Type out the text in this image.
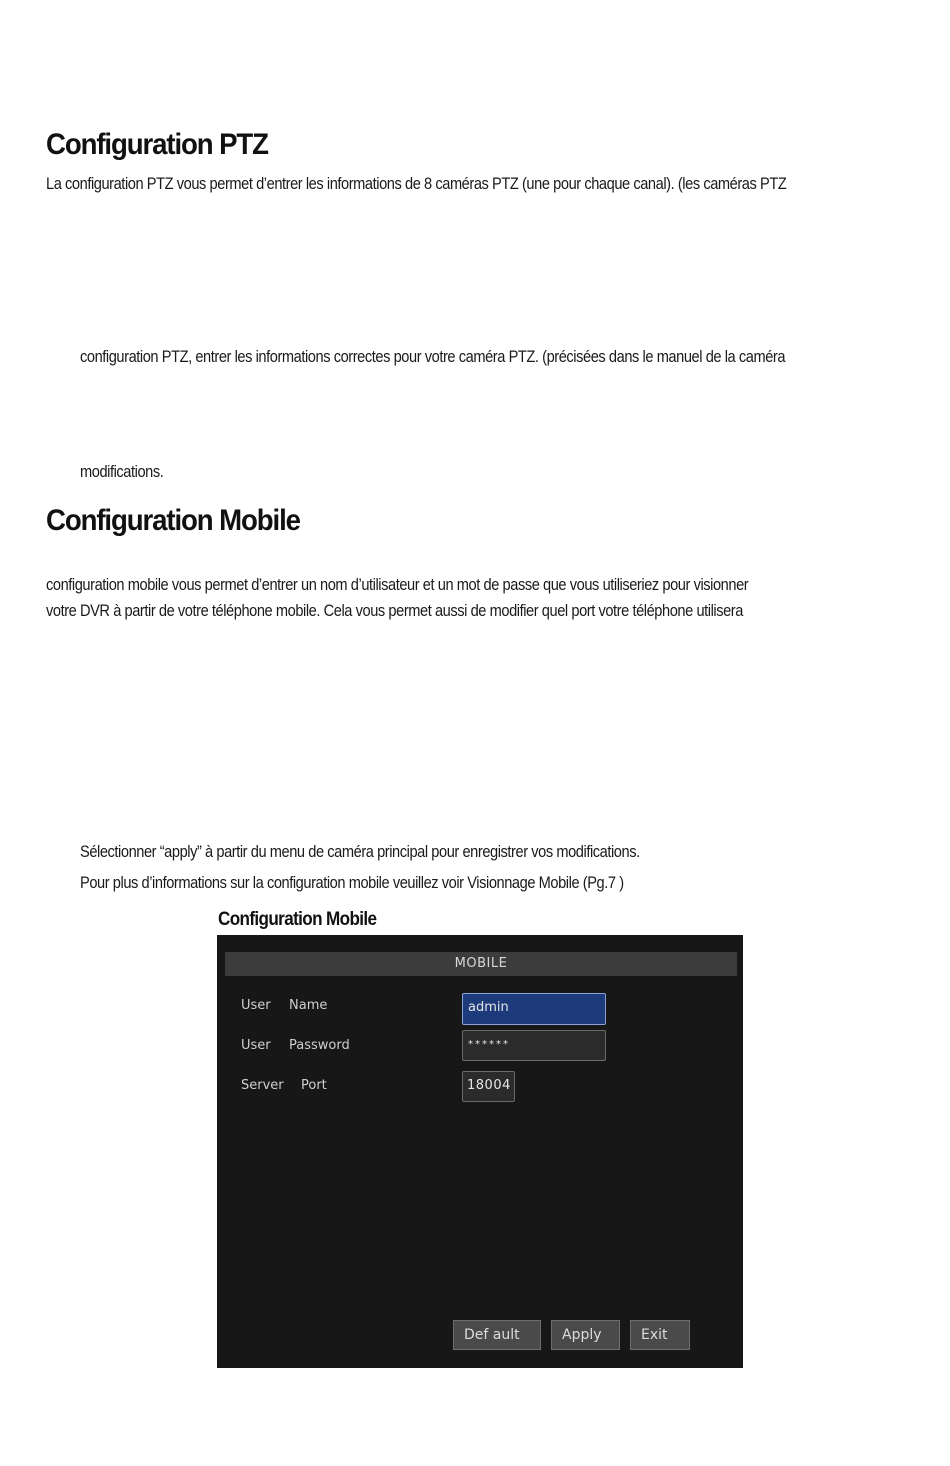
Configuration PTZ
La configuration PTZ vous permet d’entrer les informations de 8 caméras PTZ (une pour chaque canal). (les caméras PTZ
configuration PTZ, entrer les informations correctes pour votre caméra PTZ. (précisées dans le manuel de la caméra
modifications.
Configuration Mobile
configuration mobile vous permet d’entrer un nom d’utilisateur et un mot de passe que vous utiliseriez pour visionner
votre DVR à partir de votre téléphone mobile. Cela vous permet aussi de modifier quel port votre téléphone utilisera
Sélectionner “apply” à partir du menu de caméra principal pour enregistrer vos modifications.
Pour plus d’informations sur la configuration mobile veuillez voir Visionnage Mobile (Pg.7 )
Configuration Mobile
MOBILE
User Name	admin
User Password	******
Server Port	18004
Def ault	Apply	Exit
